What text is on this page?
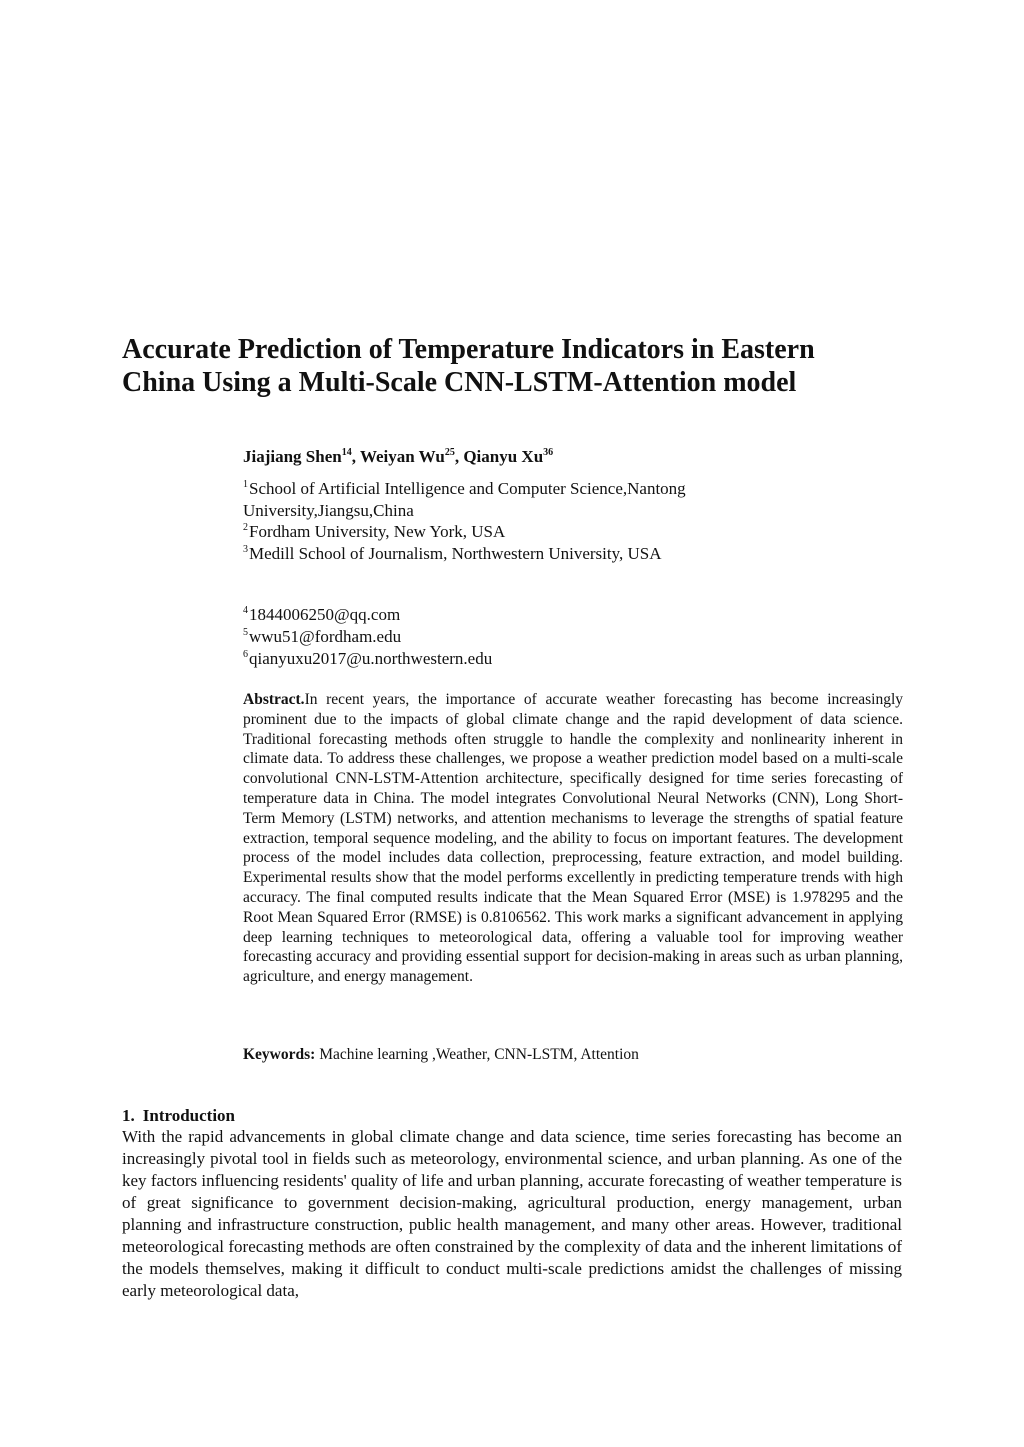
Accurate Prediction of Temperature Indicators in Eastern
China Using a Multi-Scale CNN-LSTM-Attention model
Jiajiang Shen$^{14}$, Weiyan Wu$^{25}$, Qianyu Xu$^{36}$
$^1$School of Artificial Intelligence and Computer Science,Nantong
University,Jiangsu,China
$^2$Fordham University, New York, USA
$^3$Medill School of Journalism, Northwestern University, USA
$^4$1844006250@qq.com
$^5$wwu51@fordham.edu
$^6$qianyuxu2017@u.northwestern.edu

Abstract.In recent years, the importance of accurate weather forecasting has become increasingly prominent due to the impacts of global climate change and the rapid development of data science. Traditional forecasting methods often struggle to handle the complexity and nonlinearity inherent in climate data. To address these challenges, we propose a weather prediction model based on a multi-scale convolutional CNN-LSTM-Attention architecture, specifically designed for time series forecasting of temperature data in China. The model integrates Convolutional Neural Networks (CNN), Long Short-Term Memory (LSTM) networks, and attention mechanisms to leverage the strengths of spatial feature extraction, temporal sequence modeling, and the ability to focus on important features. The development process of the model includes data collection, preprocessing, feature extraction, and model building. Experimental results show that the model performs excellently in predicting temperature trends with high accuracy. The final computed results indicate that the Mean Squared Error (MSE) is 1.978295 and the Root Mean Squared Error (RMSE) is 0.8106562. This work marks a significant advancement in applying deep learning techniques to meteorological data, offering a valuable tool for improving weather forecasting accuracy and providing essential support for decision-making in areas such as urban planning, agriculture, and energy management.

Keywords: Machine learning ,Weather, CNN-LSTM, Attention
1. Introduction

With the rapid advancements in global climate change and data science, time series forecasting has become an increasingly pivotal tool in fields such as meteorology, environmental science, and urban planning. As one of the key factors influencing residents' quality of life and urban planning, accurate forecasting of weather temperature is of great significance to government decision-making, agricultural production, energy management, urban planning and infrastructure construction, public health management, and many other areas. However, traditional meteorological forecasting methods are often constrained by the complexity of data and the inherent limitations of the models themselves, making it difficult to conduct multi-scale predictions amidst the challenges of missing early meteorological data,
